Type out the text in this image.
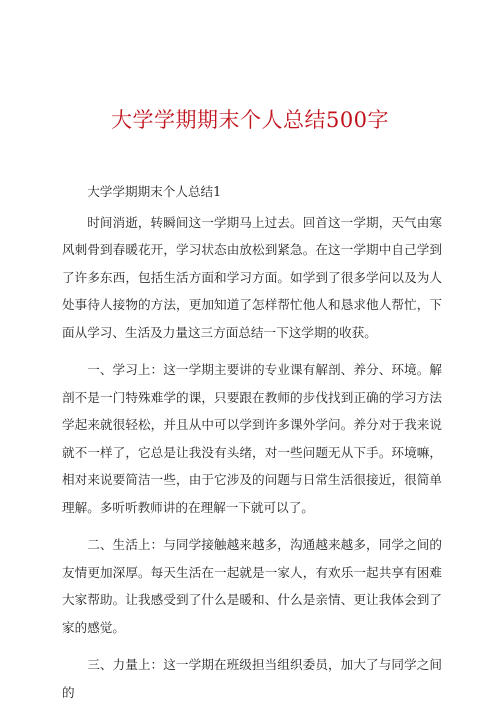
大学学期期末个人总结500字

大学学期期末个人总结1

时间消逝，转瞬间这一学期马上过去。回首这一学期，天气由寒风刺骨到春暖花开，学习状态由放松到紧急。在这一学期中自己学到了许多东西，包括生活方面和学习方面。如学到了很多学问以及为人处事待人接物的方法，更加知道了怎样帮忙他人和恳求他人帮忙，下面从学习、生活及力量这三方面总结一下这学期的收获。

一、学习上：这一学期主要讲的专业课有解剖、养分、环境。解剖不是一门特殊难学的课，只要跟在教师的步伐找到正确的学习方法学起来就很轻松，并且从中可以学到许多课外学问。养分对于我来说就不一样了，它总是让我没有头绪，对一些问题无从下手。环境嘛，相对来说要简洁一些，由于它涉及的问题与日常生活很接近，很简单理解。多听听教师讲的在理解一下就可以了。

二、生活上：与同学接触越来越多，沟通越来越多，同学之间的友情更加深厚。每天生活在一起就是一家人，有欢乐一起共享有困难大家帮助。让我感受到了什么是暖和、什么是亲情、更让我体会到了家的感觉。

三、力量上：这一学期在班级担当组织委员，加大了与同学之间的
